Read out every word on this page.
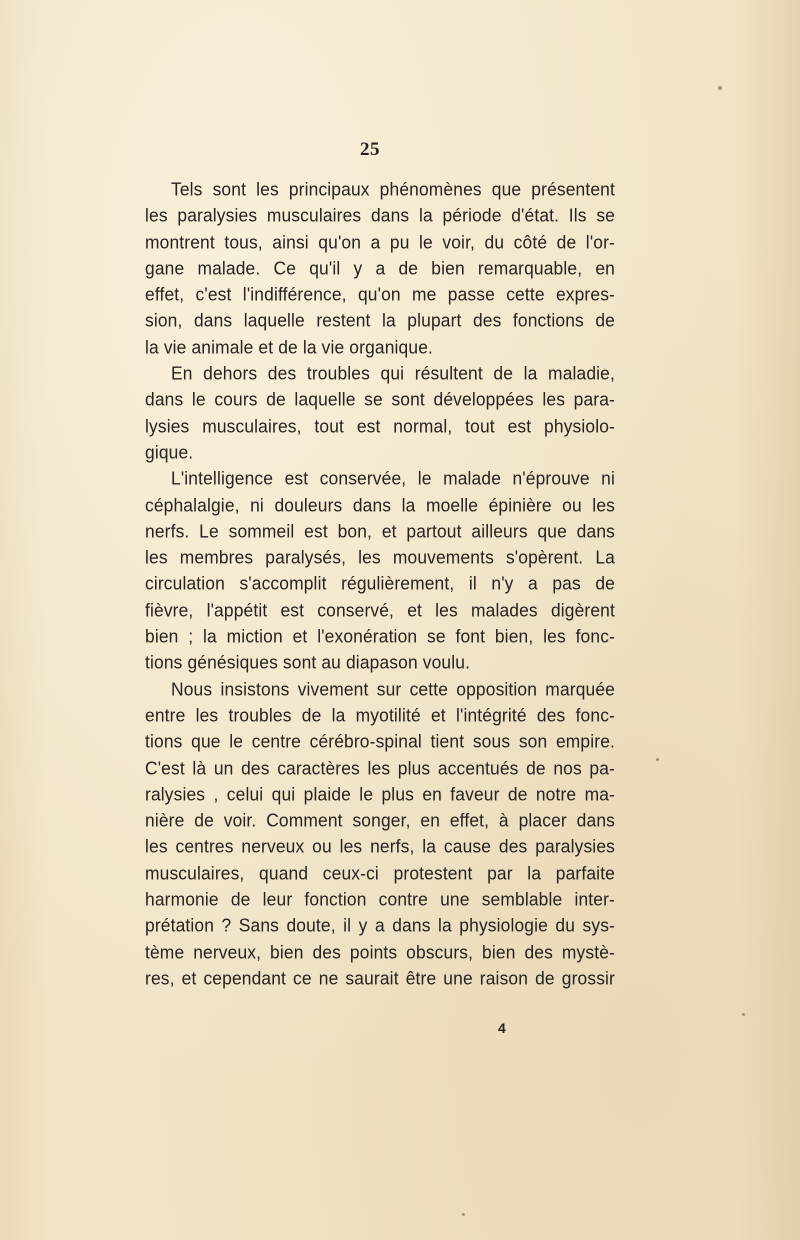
25
Tels sont les principaux phénomènes que présentent
les paralysies musculaires dans la période d'état. Ils se
montrent tous, ainsi qu'on a pu le voir, du côté de l'or-
gane malade. Ce qu'il y a de bien remarquable, en
effet, c'est l'indifférence, qu'on me passe cette expres-
sion, dans laquelle restent la plupart des fonctions de
la vie animale et de la vie organique.
En dehors des troubles qui résultent de la maladie,
dans le cours de laquelle se sont développées les para-
lysies musculaires, tout est normal, tout est physiolo-
gique.
L'intelligence est conservée, le malade n'éprouve ni
céphalalgie, ni douleurs dans la moelle épinière ou les
nerfs. Le sommeil est bon, et partout ailleurs que dans
les membres paralysés, les mouvements s'opèrent. La
circulation s'accomplit régulièrement, il n'y a pas de
fièvre, l'appétit est conservé, et les malades digèrent
bien ; la miction et l'exonération se font bien, les fonc-
tions génésiques sont au diapason voulu.
Nous insistons vivement sur cette opposition marquée
entre les troubles de la myotilité et l'intégrité des fonc-
tions que le centre cérébro-spinal tient sous son empire.
C'est là un des caractères les plus accentués de nos pa-
ralysies , celui qui plaide le plus en faveur de notre ma-
nière de voir. Comment songer, en effet, à placer dans
les centres nerveux ou les nerfs, la cause des paralysies
musculaires, quand ceux-ci protestent par la parfaite
harmonie de leur fonction contre une semblable inter-
prétation ? Sans doute, il y a dans la physiologie du sys-
tème nerveux, bien des points obscurs, bien des mystè-
res, et cependant ce ne saurait être une raison de grossir
4
